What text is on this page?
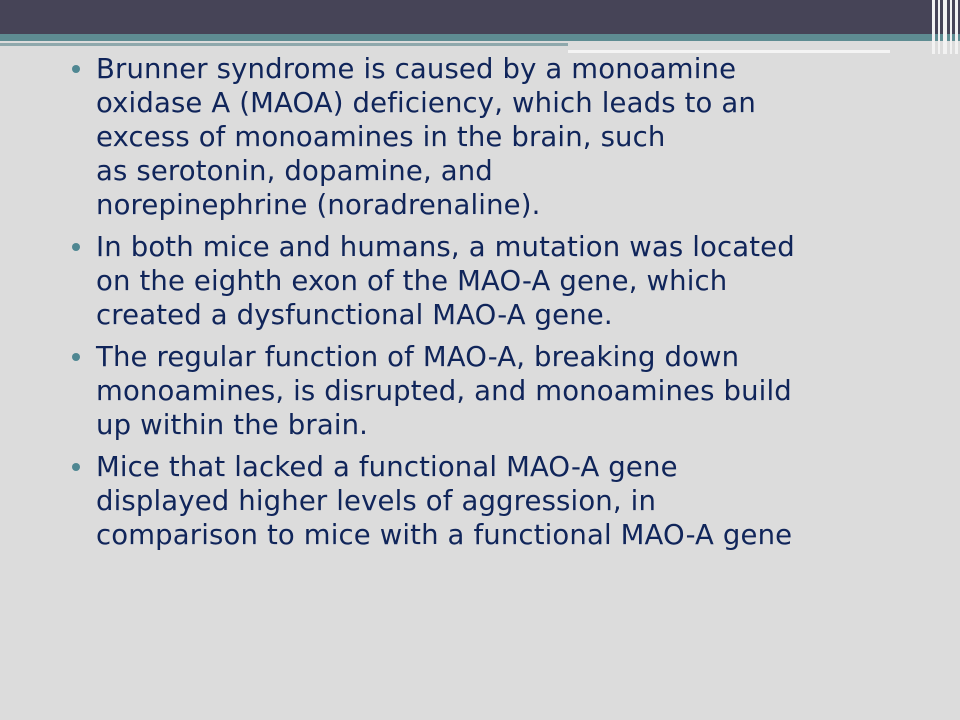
Brunner syndrome is caused by a monoamine
oxidase A (MAOA) deficiency, which leads to an
excess of monoamines in the brain, such
as serotonin, dopamine, and
norepinephrine (noradrenaline).
In both mice and humans, a mutation was located
on the eighth exon of the MAO-A gene, which
created a dysfunctional MAO-A gene.
The regular function of MAO-A, breaking down
monoamines, is disrupted, and monoamines build
up within the brain.
Mice that lacked a functional MAO-A gene
displayed higher levels of aggression, in
comparison to mice with a functional MAO-A gene
